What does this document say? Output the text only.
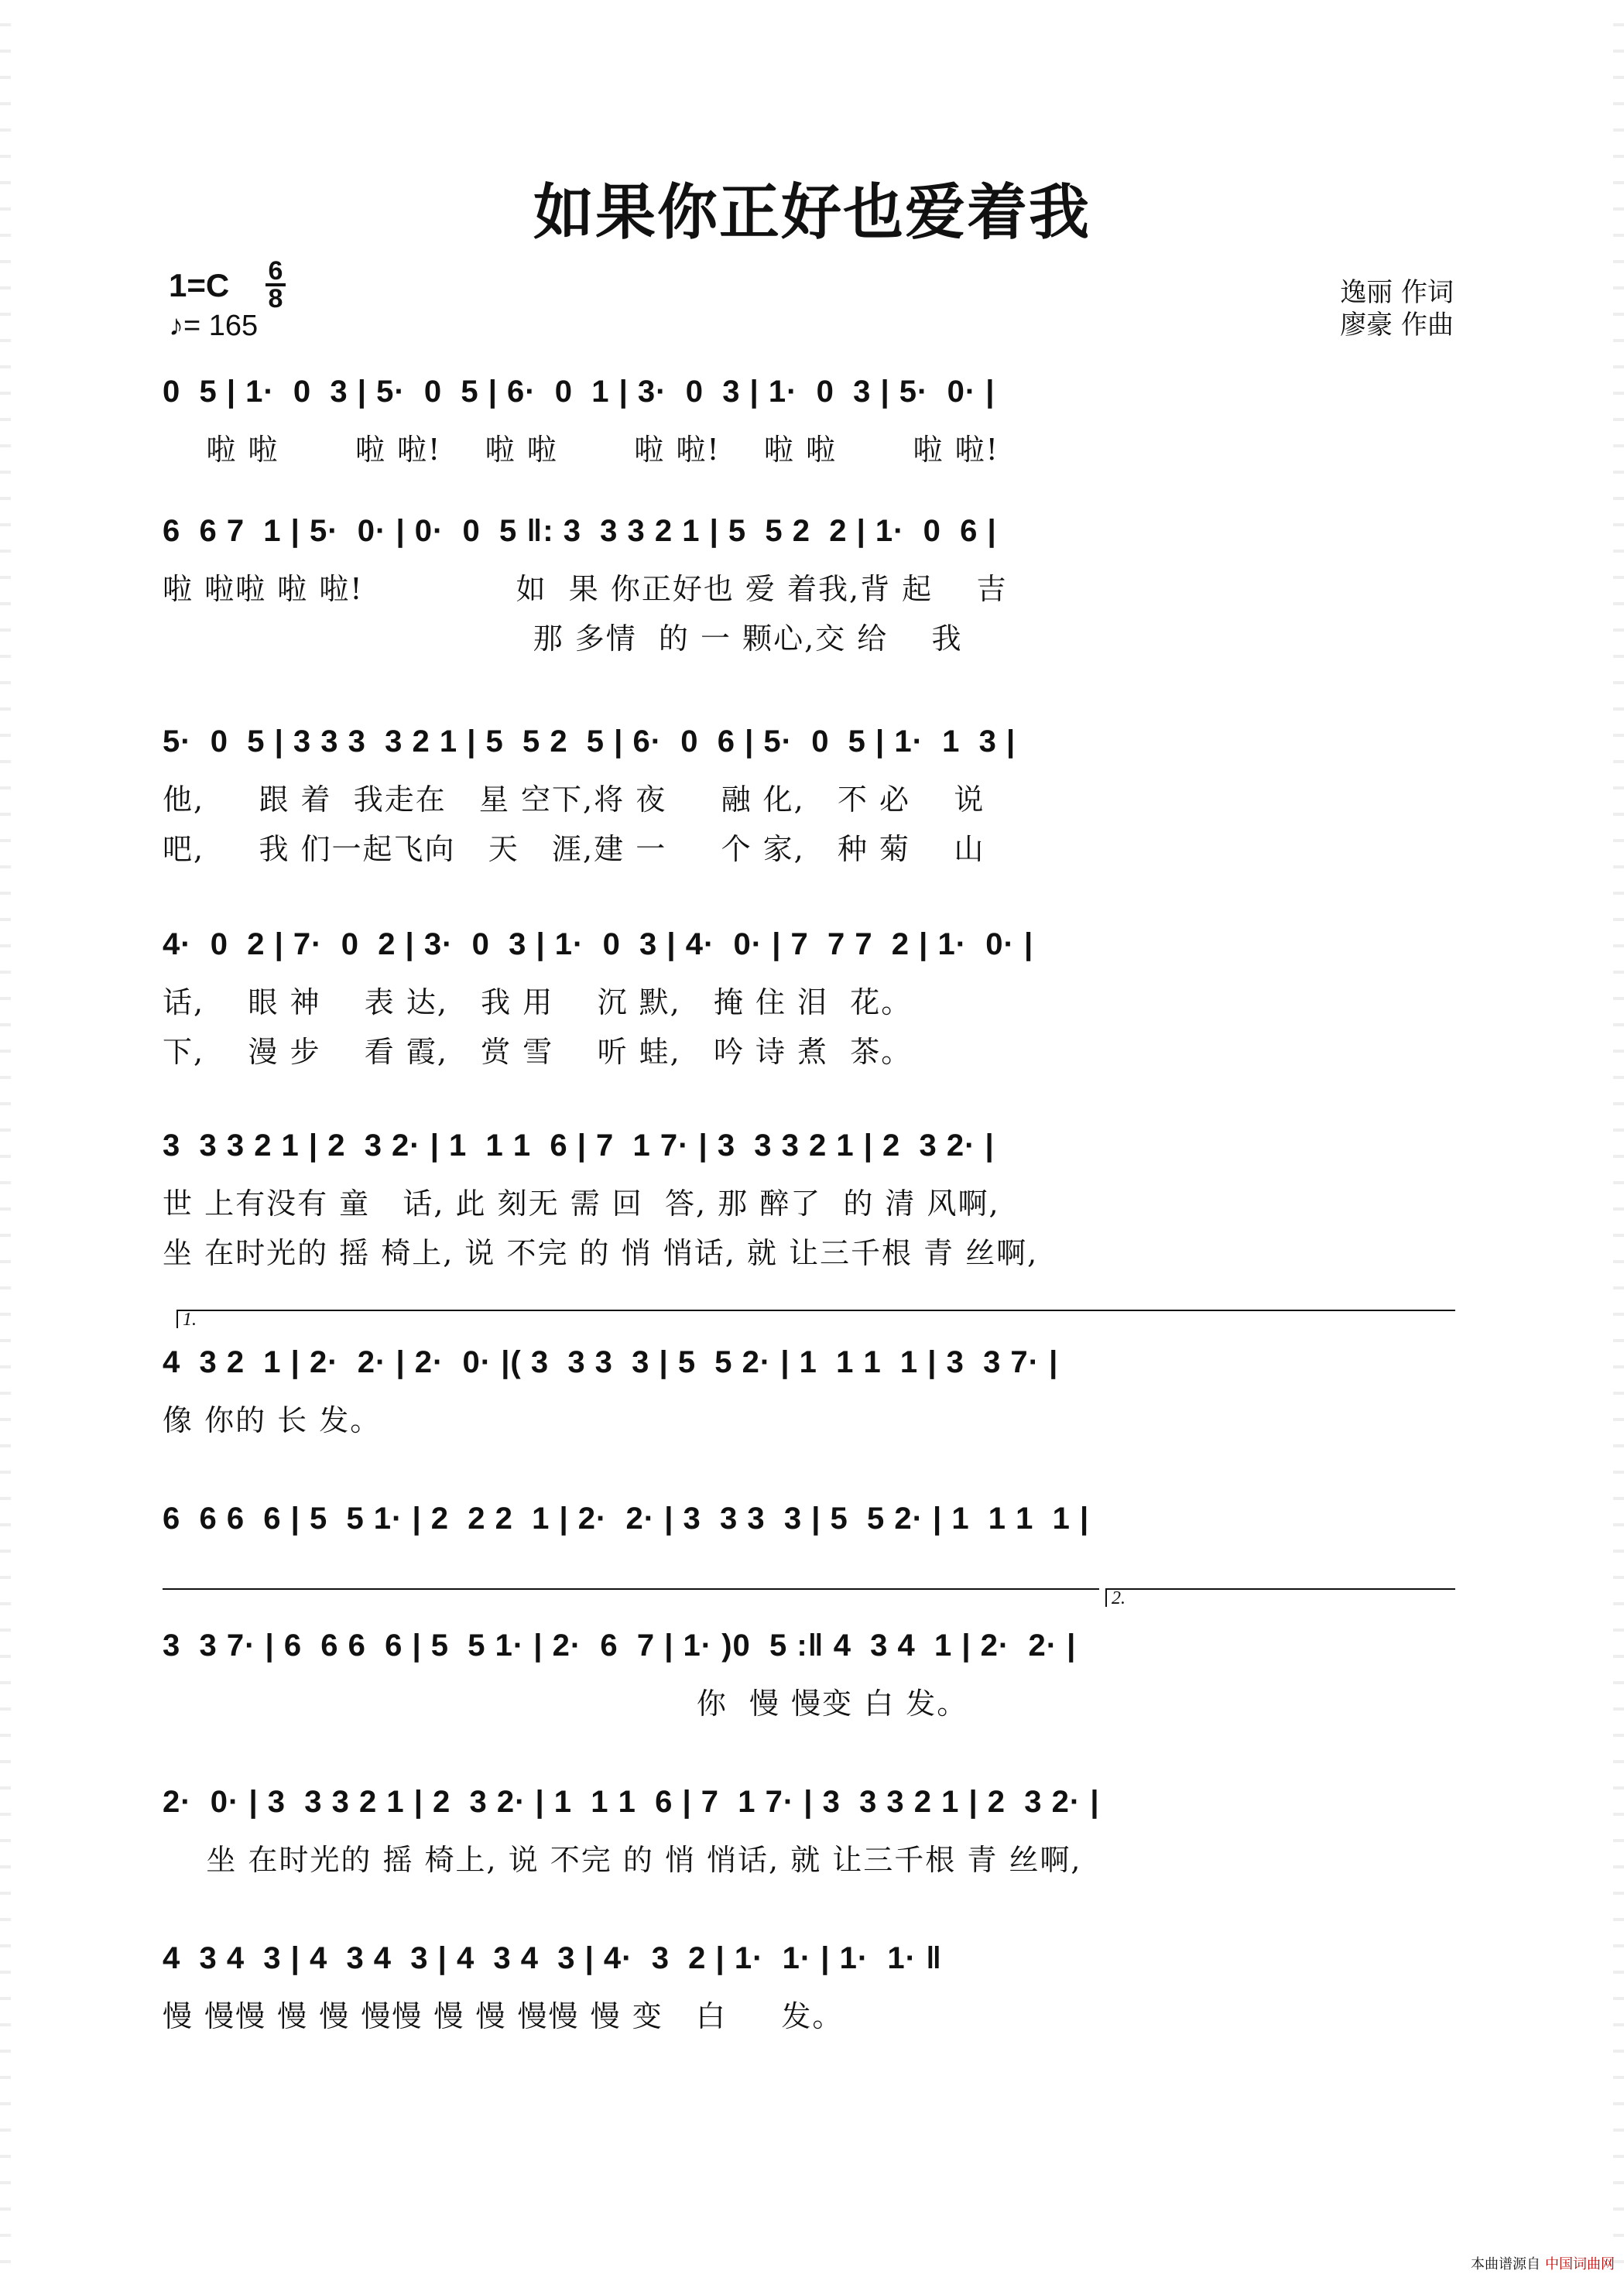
如果你正好也爱着我
1=C 6
8
♪= 165
逸丽 作词
廖豪 作曲
0  5 | 1·  0  3 | 5·  0  5 | 6·  0  1 | 3·  0  3 | 1·  0  3 | 5·  0· |
啦 啦       啦 啦!    啦 啦       啦 啦!    啦 啦       啦 啦!
6  6 7  1 | 5·  0· | 0·  0  5 ‖: 3  3 3 2 1 | 5  5 2  2 | 1·  0  6 |
啦 啦啦 啦 啦!              如  果 你正好也 爱 着我,背 起    吉
那 多情  的 一 颗心,交 给    我
5·  0  5 | 3 3 3  3 2 1 | 5  5 2  5 | 6·  0  6 | 5·  0  5 | 1·  1  3 |
他,     跟 着  我走在   星 空下,将 夜     融 化,   不 必    说
吧,     我 们一起飞向   天   涯,建 一     个 家,   种 菊    山
4·  0  2 | 7·  0  2 | 3·  0  3 | 1·  0  3 | 4·  0· | 7  7 7  2 | 1·  0· |
话,    眼 神    表 达,   我 用    沉 默,   掩 住 泪  花。
下,    漫 步    看 霞,   赏 雪    听 蛙,   吟 诗 煮  茶。
3  3 3 2 1 | 2  3 2· | 1  1 1  6 | 7  1 7· | 3  3 3 2 1 | 2  3 2· |
世 上有没有 童   话, 此 刻无 需 回  答, 那 醉了  的 清 风啊,
坐 在时光的 摇 椅上, 说 不完 的 悄 悄话, 就 让三千根 青 丝啊,
1.
4  3 2  1 | 2·  2· | 2·  0· |( 3  3 3  3 | 5  5 2· | 1  1 1  1 | 3  3 7· |
像 你的 长 发。
6  6 6  6 | 5  5 1· | 2  2 2  1 | 2·  2· | 3  3 3  3 | 5  5 2· | 1  1 1  1 |
2.
3  3 7· | 6  6 6  6 | 5  5 1· | 2·  6  7 | 1· )0  5 :‖ 4  3 4  1 | 2·  2· |
你  慢 慢变 白 发。
2·  0· | 3  3 3 2 1 | 2  3 2· | 1  1 1  6 | 7  1 7· | 3  3 3 2 1 | 2  3 2· |
坐 在时光的 摇 椅上, 说 不完 的 悄 悄话, 就 让三千根 青 丝啊,
4  3 4  3 | 4  3 4  3 | 4  3 4  3 | 4·  3  2 | 1·  1· | 1·  1· ‖
慢 慢慢 慢 慢 慢慢 慢 慢 慢慢 慢 变   白     发。
本曲谱源自 中国词曲网
